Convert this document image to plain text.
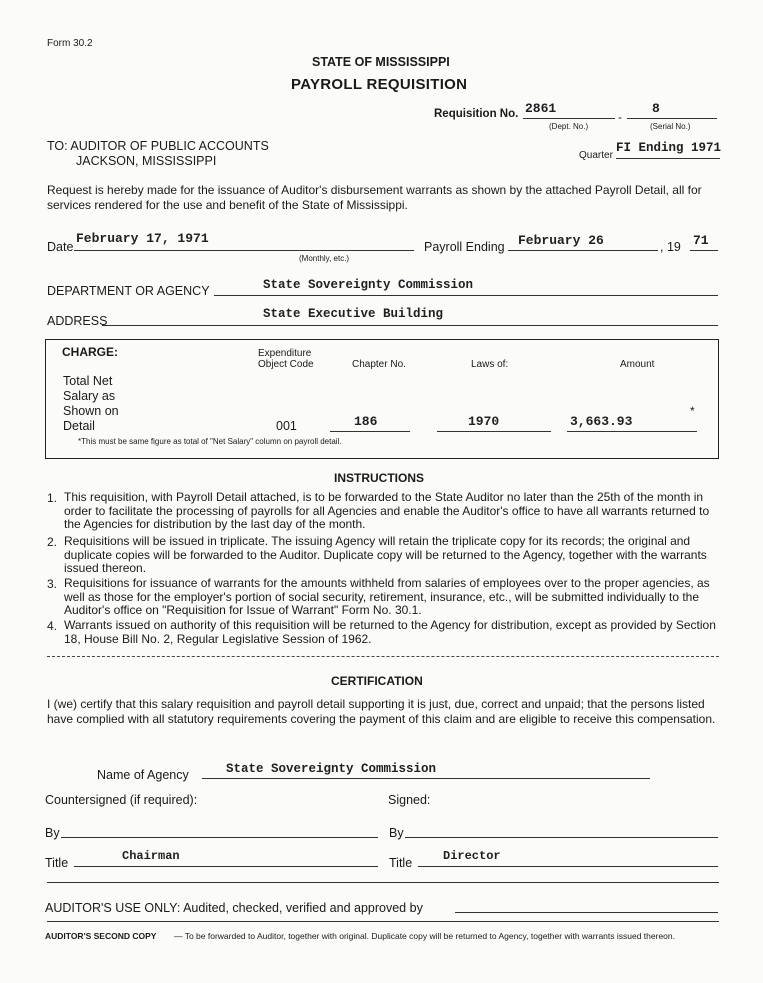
Form 30.2
STATE OF MISSISSIPPI
PAYROLL REQUISITION
Requisition No. 2861
-
8
(Dept. No.)	(Serial No.)
TO: AUDITOR OF PUBLIC ACCOUNTS
JACKSON, MISSISSIPPI	Quarter
FI Ending 1971
Request is hereby made for the issuance of Auditor's disbursement warrants as shown by the attached Payroll Detail, all for services rendered for the use and benefit of the State of Mississippi.
Date
February 17, 1971
(Monthly, etc.)
Payroll Ending February 26	, 19 71
DEPARTMENT OR AGENCY	State Sovereignty Commission
ADDRESS	State Executive Building
CHARGE:	Expenditure
Object Code	Chapter No.	Laws of:	Amount
Total Net
Salary as
Shown on
Detail	001	186	1970	3,663.93
*
*This must be same figure as total of "Net Salary" column on payroll detail.
INSTRUCTIONS
1. This requisition, with Payroll Detail attached, is to be forwarded to the State Auditor no later than the 25th of the month in order to facilitate the processing of payrolls for all Agencies and enable the Auditor's office to have all warrants returned to the Agencies for distribution by the last day of the month.
2. Requisitions will be issued in triplicate. The issuing Agency will retain the triplicate copy for its records; the original and duplicate copies will be forwarded to the Auditor. Duplicate copy will be returned to the Agency, together with the warrants issued thereon.
3. Requisitions for issuance of warrants for the amounts withheld from salaries of employees over to the proper agencies, as well as those for the employer's portion of social security, retirement, insurance, etc., will be submitted individually to the Auditor's office on "Requisition for Issue of Warrant" Form No. 30.1.
4. Warrants issued on authority of this requisition will be returned to the Agency for distribution, except as provided by Section 18, House Bill No. 2, Regular Legislative Session of 1962.
CERTIFICATION
I (we) certify that this salary requisition and payroll detail supporting it is just, due, correct and unpaid; that the persons listed have complied with all statutory requirements covering the payment of this claim and are eligible to receive this compensation.
Name of Agency	State Sovereignty Commission
Countersigned (if required):	Signed:
By	By
Title	Chairman	Title	Director
AUDITOR'S USE ONLY: Audited, checked, verified and approved by
AUDITOR'S SECOND COPY — To be forwarded to Auditor, together with original. Duplicate copy will be returned to Agency, together with warrants issued thereon.
